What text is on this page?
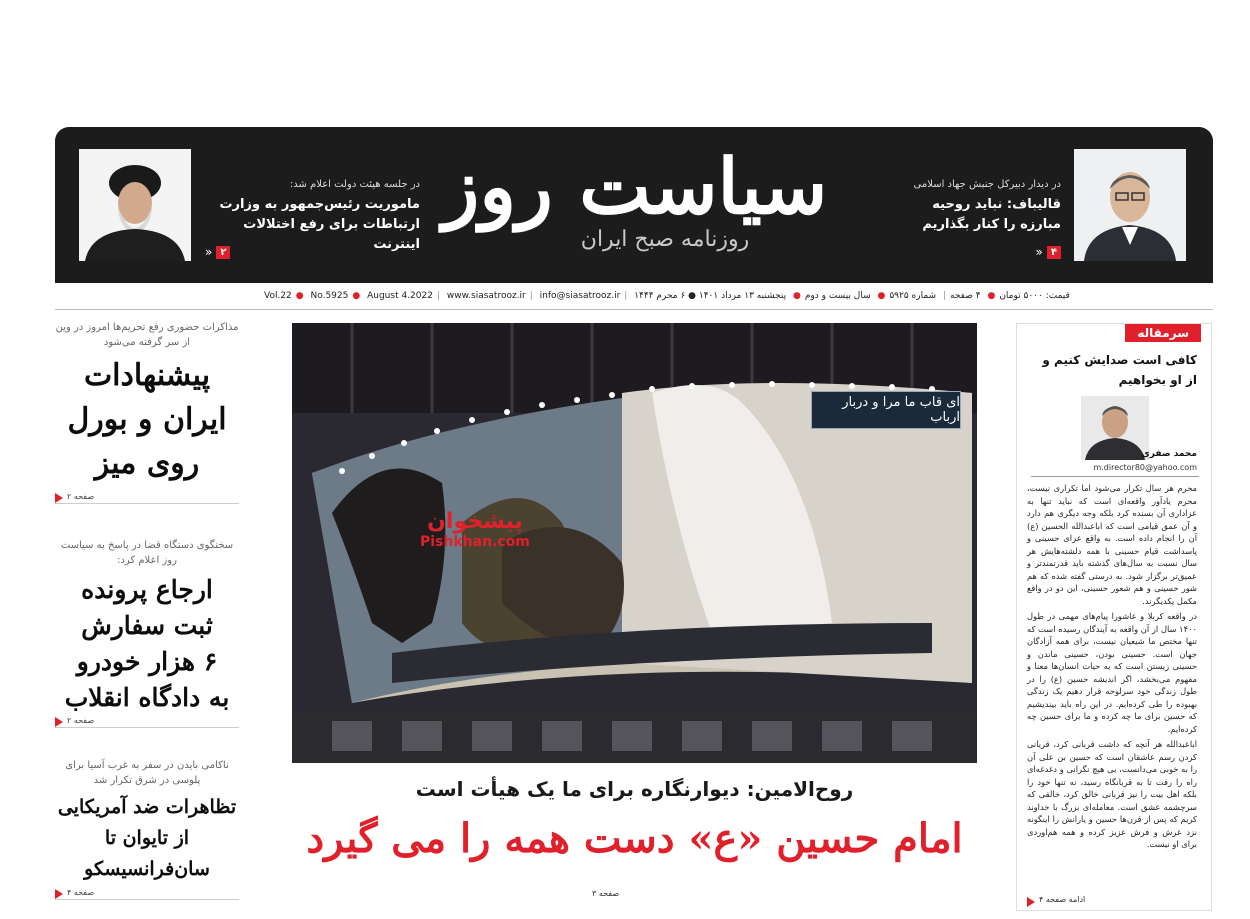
در دیدار دبیرکل جنبش جهاد اسلامی
قالیباف: نباید روحیه مبارزه را کنار بگذاریم
۴
«
سیاست روز
روزنامه صبح ایران
در جلسه هیئت دولت اعلام شد:
ماموریت رئیس‌جمهور به وزارت ارتباطات برای رفع اختلالات اینترنت
۲
«
Vol.22 ● No.5925 ● August 4.2022 | www.siasatrooz.ir | info@siasatrooz.ir |	قیمت: ۵۰۰۰ تومان● ۴ صفحه| شماره ۵۹۲۵● سال بیست و دوم● پنجشنبه ۱۳ مرداد ۱۴۰۱ ● ۶ محرم ۱۴۴۴
مذاکرات حضوری رفع تحریم‌ها امروز در وین از سر گرفته می‌شود
پیشنهادات
ایران و بورل
روی میز
صفحه ۲
سخنگوی دستگاه قضا در پاسخ به سیاست روز اعلام کرد:
ارجاع پرونده
ثبت سفارش
۶ هزار خودرو
به دادگاه انقلاب
صفحه ۲
ناکامی بایدن در سفر به غرب آسیا برای پلوسی در شرق تکرار شد
تظاهرات ضد آمریکایی
از تایوان تا
سان‌فرانسیسکو
صفحه ۴
ای قاب ما مرا و دربار ارباب
پیشخوان
Pishkhan.com
روح‌الامین: دیوارنگاره برای ما یک هیأت است
امام حسین «ع» دست همه را می گیرد
صفحه ۳
سرمقاله
کافی است صدایش کنیم و از او بخواهیم
محمد صفری
m.director80@yahoo.com

محرم هر سال تکرار می‌شود اما تکراری نیست، محرم یادآور واقعه‌ای است که نباید تنها به عزاداری آن بسنده کرد بلکه وجه دیگری هم دارد و آن عمق قیامی است که اباعبدالله الحسین (ع) آن را انجام داده است. به واقع عزای حسینی و پاسداشت قیام حسینی با همه دلشته‌هایش هر سال نسبت به سال‌های گذشته باید قدرتمندتر و عمیق‌تر برگزار شود. به درستی گفته شده که هم شور حسینی و هم شعور حسینی، این دو در واقع مکمل یکدیگرند.

در واقعه کربلا و عاشورا پیام‌های مهمی در طول ۱۴۰۰ سال از آن واقعه به آیندگان رسیده است که تنها مختص ما شیعیان نیست، برای همه آزادگان جهان است. حسینی بودن، حسینی ماندن و حسینی زیستن است که به حیات انسان‌ها معنا و مفهوم می‌بخشد، اگر اندیشه حسین (ع) را در طول زندگی خود سرلوحه قرار دهیم یک زندگی بهبوده را طی کرده‌ایم. در این راه باید بیندیشیم که حسین برای ما چه کرده و ما برای حسین چه کرده‌ایم.

اباعبدالله هر آنچه که داشت قربانی کرد، قربانی کردن رسم عاشقان است که حسین بن علی آن را به خوبی می‌دانست، بی هیچ نگرانی و دغدغه‌ای راه را رفت تا به قربانگاه رسید، نه تنها خود را بلکه اهل بیت را نیز قربانی خالق کرد، خالقی که سرچشمه عشق است. معامله‌ای بزرگ با خداوند کریم که پس از قرن‌ها حسین و یارانش را اینگونه نزد عرش و فرش عزیز کرده و همه هم‌اوردی برای او نیست.

ادامه صفحه ۴
